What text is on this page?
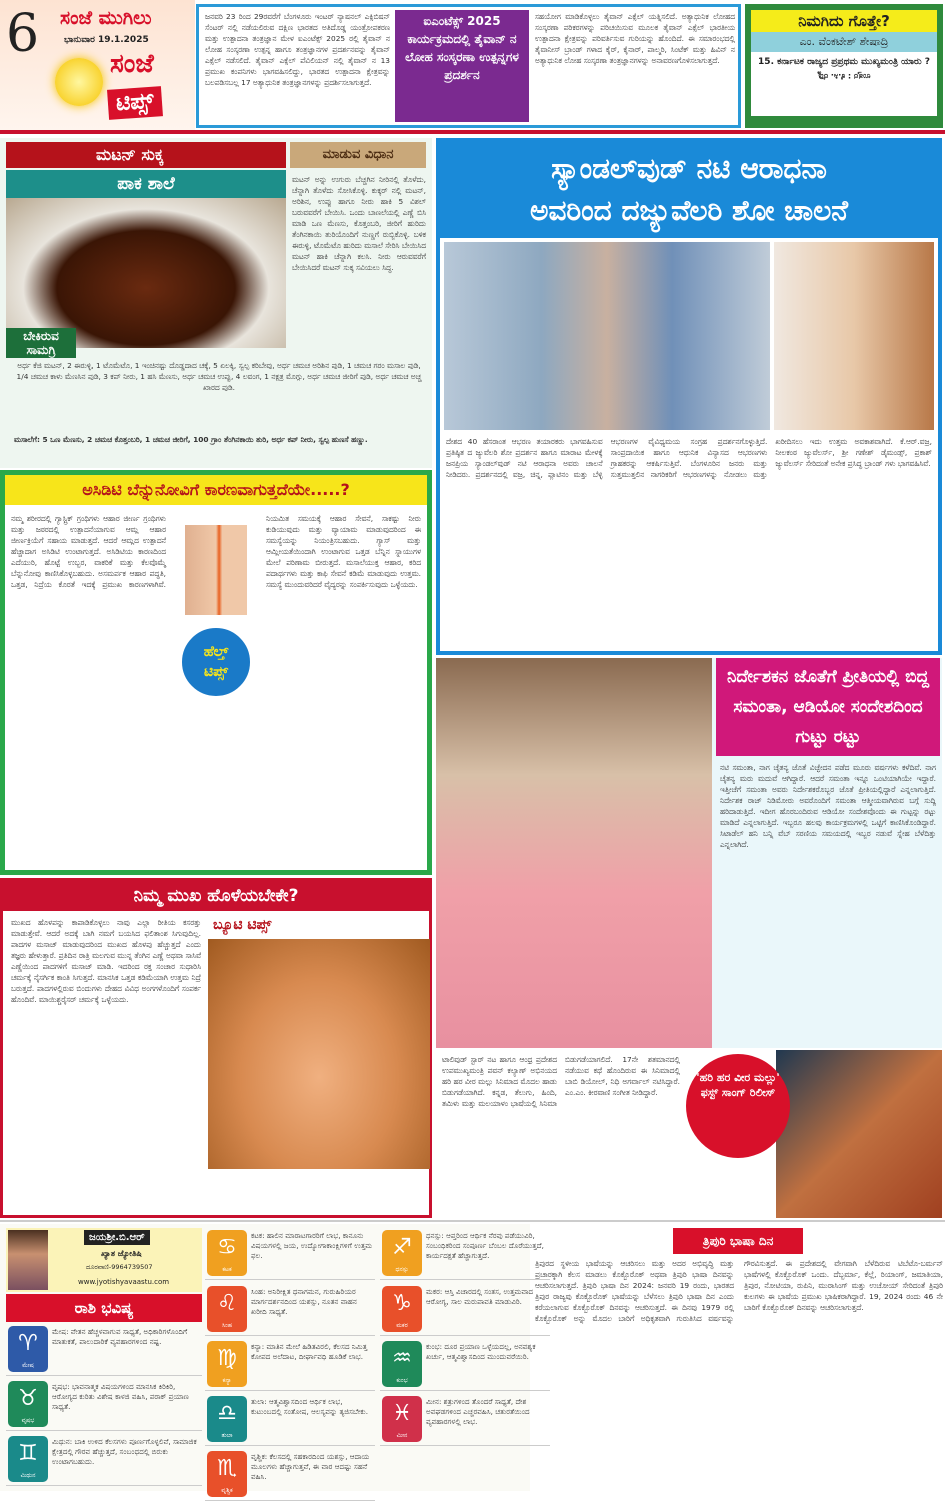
6 ಸಂಜೆ ಮುಗಿಲು
ಭಾನುವಾರ 19.1.2025
ಸಂಜೆ
ಟಿಪ್ಸ್
ಜನವರಿ 23 ರಿಂದ 29ರವರೆಗೆ ಬೆಂಗಳೂರು ಇಂಟರ್ ನ್ಯಾಷನಲ್ ಎಕ್ಸಿಬಿಷನ್ ಸೆಂಟರ್ ನಲ್ಲಿ ನಡೆಯಲಿರುವ ದಕ್ಷಿಣ ಭಾರತದ ಅತಿದೊಡ್ಡ ಯಂತ್ರೋಪಕರಣ ಮತ್ತು ಉತ್ಪಾದನಾ ತಂತ್ರಜ್ಞಾನ ಮೇಳ ಐಎಂಟೆಕ್ಸ್ 2025 ರಲ್ಲಿ ತೈವಾನ್ ನ ಲೋಹ ಸಂಸ್ಕರಣಾ ಉತ್ಪನ್ನ ಹಾಗೂ ತಂತ್ರಜ್ಞಾನಗಳ ಪ್ರದರ್ಶನವನ್ನು ತೈವಾನ್ ಎಕ್ಸೆಲ್ ನಡೆಸಲಿದೆ. ತೈವಾನ್ ಎಕ್ಸೆಲ್ ಪೆವಿಲಿಯನ್ ನಲ್ಲಿ ತೈವಾನ್ ನ 13 ಪ್ರಮುಖ ಕಂಪನಿಗಳು ಭಾಗವಹಿಸಲಿದ್ದು, ಭಾರತದ ಉತ್ಪಾದನಾ ಕ್ಷೇತ್ರವನ್ನು ಬಲಪಡಿಸಬಲ್ಲ 17 ಅತ್ಯಾಧುನಿಕ ತಂತ್ರಜ್ಞಾನಗಳನ್ನು ಪ್ರದರ್ಶಿಸಲಾಗುತ್ತದೆ.
ಐಎಂಟೆಕ್ಸ್ 2025 ಕಾರ್ಯಕ್ರಮದಲ್ಲಿ ತೈವಾನ್ ನ ಲೋಹ ಸಂಸ್ಕರಣಾ ಉತ್ಪನ್ನಗಳ ಪ್ರದರ್ಶನ
ಸಹಯೋಗ ಮಾಡಿಕೊಳ್ಳಲು ತೈವಾನ್ ಎಕ್ಸೆಲ್ ಯತ್ನಿಸಲಿದೆ. ಅತ್ಯಾಧುನಿಕ ಲೋಹದ ಸಂಸ್ಕರಣಾ ಪರಿಕರಗಳನ್ನು ಪರಿಚಯಿಸುವ ಮೂಲಕ ತೈವಾನ್ ಎಕ್ಸೆಲ್ ಭಾರತೀಯ ಉತ್ಪಾದನಾ ಕ್ಷೇತ್ರವನ್ನು ಪರಿವರ್ತಿಸುವ ಗುರಿಯನ್ನು ಹೊಂದಿದೆ. ಈ ಸಮಾರಂಭದಲ್ಲಿ ತೈವಾನೀಸ್ ಬ್ರಾಂಡ್ ಗಳಾದ ಕೈರ್, ಕೈನಾರ್, ಪಾಲ್ಮರಿ, ಸಿಂಟೆಕ್ ಮತ್ತು ಹಿವಿನ್ ನ ಅತ್ಯಾಧುನಿಕ ಲೋಹ ಸಂಸ್ಕರಣಾ ತಂತ್ರಜ್ಞಾನಗಳನ್ನು ಅನಾವರಣಗೊಳಿಸಲಾಗುತ್ತದೆ.
ನಿಮಗಿದು ಗೊತ್ತೇ?
ಎಂ. ವೆಂಕಟೇಶ್ ಶೇಷಾದ್ರಿ
15. ಕರ್ನಾಟಕ ರಾಜ್ಯದ ಪ್ರಪ್ರಥಮ ಮುಖ್ಯಮಂತ್ರಿ ಯಾರು ?
ಉತ್ತರ : ಕೆ.ಸಿ. ರೆಡ್ಡಿ
ಮಟನ್ ಸುಕ್ಕ
ಪಾಕ ಶಾಲೆ
ಬೇಕಿರುವ ಸಾಮಗ್ರಿ
ಮಾಡುವ ವಿಧಾನ
ಮಟನ್ ಅನ್ನು ಉಗುರು ಬೆಚ್ಚಗಿನ ನೀರಿನಲ್ಲಿ ತೊಳೆದು, ಚೆನ್ನಾಗಿ ತೊಳೆದು ಸೋಸಿಕೊಳ್ಳಿ. ಕುಕ್ಕರ್ ನಲ್ಲಿ ಮಟನ್, ಅರಿಶಿನ, ಉಪ್ಪು ಹಾಗೂ ನೀರು ಹಾಕಿ 5 ವಿಶಲ್ ಬರುವವರೆಗೆ ಬೇಯಿಸಿ. ಒಂದು ಬಾಣಲೆಯಲ್ಲಿ ಎಣ್ಣೆ ಬಿಸಿ ಮಾಡಿ ಒಣ ಮೆಣಸು, ಕೊತ್ತಂಬರಿ, ಜೀರಿಗೆ ಹುರಿದು ತೆಂಗಿನಕಾಯಿ ತುರಿಯೊಂದಿಗೆ ನುಣ್ಣಗೆ ರುಬ್ಬಿಕೊಳ್ಳಿ. ಬಳಿಕ ಈರುಳ್ಳಿ, ಟೊಮೆಟೊ ಹುರಿದು ಮಸಾಲೆ ಸೇರಿಸಿ ಬೇಯಿಸಿದ ಮಟನ್ ಹಾಕಿ ಚೆನ್ನಾಗಿ ಕಲಸಿ. ನೀರು ಆರುವವರೆಗೆ ಬೇಯಿಸಿದರೆ ಮಟನ್ ಸುಕ್ಕ ಸವಿಯಲು ಸಿದ್ಧ.
ಅರ್ಧ ಕೆಜಿ ಮಟನ್, 2 ಈರುಳ್ಳಿ, 1 ಟೊಮೆಟೊ, 1 ಇಂಚಿನಷ್ಟು ದೊಡ್ಡದಾದ ಚಕ್ಕೆ, 5 ಏಲಕ್ಕಿ, ಸ್ವಲ್ಪ ಕರಿಬೇವು, ಅರ್ಧ ಚಮಚ ಅರಿಶಿನ ಪುಡಿ, 1 ಚಮಚ ಗರಂ ಮಸಾಲ ಪುಡಿ, 1/4 ಚಮಚ ಕಾಳು ಮೆಣಸಿನ ಪುಡಿ, 3 ಕಪ್ ನೀರು, 1 ಹಸಿ ಮೆಣಸು, ಅರ್ಧ ಚಮಚ ಉಪ್ಪು, 4 ಲವಂಗ, 1 ನಕ್ಷತ್ರ ಮೊಗ್ಗು, ಅರ್ಧ ಚಮಚ ಜೀರಿಗೆ ಪುಡಿ, ಅರ್ಧ ಚಮಚ ಅಚ್ಚ ಖಾರದ ಪುಡಿ.
ಮಸಾಲೆಗೆ: 5 ಒಣ ಮೆಣಸು, 2 ಚಮಚ ಕೊತ್ತಂಬರಿ, 1 ಚಮಚ ಜೀರಿಗೆ, 100 ಗ್ರಾಂ ತೆಂಗಿನಕಾಯಿ ತುರಿ, ಅರ್ಧ ಕಪ್ ನೀರು, ಸ್ವಲ್ಪ ಹುಣಸೆ ಹಣ್ಣು.
ಅಸಿಡಿಟಿ ಬೆನ್ನುನೋವಿಗೆ ಕಾರಣವಾಗುತ್ತದೆಯೇ.....?
ನಮ್ಮ ಶರೀರದಲ್ಲಿ ಗ್ಯಾಸ್ಟ್ರಿಕ್ ಗ್ರಂಥಿಗಳು ಆಹಾರ ಜೀರ್ಣ ಗ್ರಂಥಿಗಳು ಮತ್ತು ಜಠರದಲ್ಲಿ ಉತ್ಪಾದನೆಯಾಗುವ ಆಮ್ಲ ಆಹಾರ ಜೀರ್ಣಕ್ರಿಯೆಗೆ ಸಹಾಯ ಮಾಡುತ್ತದೆ. ಆದರೆ ಆಮ್ಲದ ಉತ್ಪಾದನೆ ಹೆಚ್ಚಾದಾಗ ಅಸಿಡಿಟಿ ಉಂಟಾಗುತ್ತದೆ. ಅಸಿಡಿಟಿಯ ಕಾರಣದಿಂದ ಎದೆಯುರಿ, ಹೊಟ್ಟೆ ಉಬ್ಬರ, ವಾಕರಿಕೆ ಮತ್ತು ಕೆಲವೊಮ್ಮೆ ಬೆನ್ನುನೋವು ಕಾಣಿಸಿಕೊಳ್ಳಬಹುದು. ಅಸಮರ್ಪಕ ಆಹಾರ ಪದ್ಧತಿ, ಒತ್ತಡ, ನಿದ್ರೆಯ ಕೊರತೆ ಇದಕ್ಕೆ ಪ್ರಮುಖ ಕಾರಣಗಳಾಗಿವೆ. ನಿಯಮಿತ ಸಮಯಕ್ಕೆ ಆಹಾರ ಸೇವನೆ, ಸಾಕಷ್ಟು ನೀರು ಕುಡಿಯುವುದು ಮತ್ತು ವ್ಯಾಯಾಮ ಮಾಡುವುದರಿಂದ ಈ ಸಮಸ್ಯೆಯನ್ನು ನಿಯಂತ್ರಿಸಬಹುದು. ಗ್ಯಾಸ್ ಮತ್ತು ಆಮ್ಲೀಯತೆಯಿಂದಾಗಿ ಉಂಟಾಗುವ ಒತ್ತಡ ಬೆನ್ನಿನ ಸ್ನಾಯುಗಳ ಮೇಲೆ ಪರಿಣಾಮ ಬೀರುತ್ತದೆ. ಮಸಾಲೆಯುಕ್ತ ಆಹಾರ, ಕರಿದ ಪದಾರ್ಥಗಳು ಮತ್ತು ಕಾಫಿ ಸೇವನೆ ಕಡಿಮೆ ಮಾಡುವುದು ಉತ್ತಮ. ಸಮಸ್ಯೆ ಮುಂದುವರಿದರೆ ವೈದ್ಯರನ್ನು ಸಂಪರ್ಕಿಸುವುದು ಒಳ್ಳೆಯದು.
ಹೆಲ್ತ್
ಟಿಪ್ಸ್
ನಿಮ್ಮ ಮುಖ ಹೊಳೆಯಬೇಕೇ?
ಮುಖದ ಹೊಳಪನ್ನು ಕಾಪಾಡಿಕೊಳ್ಳಲು ನಾವು ಎಲ್ಲಾ ರೀತಿಯ ಕಸರತ್ತು ಮಾಡುತ್ತೇವೆ. ಆದರೆ ಅದಕ್ಕೆ ಬಾಗಿ ನಮಗೆ ಬಯಸಿದ ಫಲಿತಾಂಶ ಸಿಗುವುದಿಲ್ಲ. ಪಾದಗಳ ಮಸಾಜ್ ಮಾಡುವುದರಿಂದ ಮುಖದ ಹೊಳಪು ಹೆಚ್ಚುತ್ತದೆ ಎಂದು ತಜ್ಞರು ಹೇಳುತ್ತಾರೆ. ಪ್ರತಿದಿನ ರಾತ್ರಿ ಮಲಗುವ ಮುನ್ನ ತೆಂಗಿನ ಎಣ್ಣೆ ಅಥವಾ ಸಾಸಿವೆ ಎಣ್ಣೆಯಿಂದ ಪಾದಗಳಿಗೆ ಮಸಾಜ್ ಮಾಡಿ. ಇದರಿಂದ ರಕ್ತ ಸಂಚಾರ ಸುಧಾರಿಸಿ ಚರ್ಮಕ್ಕೆ ನೈಸರ್ಗಿಕ ಕಾಂತಿ ಸಿಗುತ್ತದೆ. ಮಾನಸಿಕ ಒತ್ತಡ ಕಡಿಮೆಯಾಗಿ ಉತ್ತಮ ನಿದ್ರೆ ಬರುತ್ತದೆ. ಪಾದಗಳಲ್ಲಿರುವ ಬಿಂದುಗಳು ದೇಹದ ವಿವಿಧ ಅಂಗಗಳೊಂದಿಗೆ ಸಂಪರ್ಕ ಹೊಂದಿವೆ. ಮಾಯಿಶ್ಚರೈಸರ್ ಚರ್ಮಕ್ಕೆ ಒಳ್ಳೆಯದು.
ಬ್ಯೂಟಿ ಟಿಪ್ಸ್
ಸ್ಯಾಂಡಲ್‌ವುಡ್ ನಟಿ ಆರಾಧನಾ
ಅವರಿಂದ ದಜ್ಯುವೆಲರಿ ಶೋ ಚಾಲನೆ
ದೇಶದ 40 ಹೆಸರಾಂತ ಆಭರಣ ತಯಾರಕರು ಭಾಗವಹಿಸುವ ಪ್ರತಿಷ್ಠಿತ ದ ಜ್ಯುವೆಲರಿ ಶೋ ಪ್ರದರ್ಶನ ಹಾಗೂ ಮಾರಾಟ ಮೇಳಕ್ಕೆ ಜನಪ್ರಿಯ ಸ್ಯಾಂಡಲ್‌ವುಡ್ ನಟಿ ಆರಾಧನಾ ಅವರು ಚಾಲನೆ ನೀಡಿದರು. ಪ್ರದರ್ಶನದಲ್ಲಿ ವಜ್ರ, ಚಿನ್ನ, ಪ್ಲಾಟಿನಂ ಮತ್ತು ಬೆಳ್ಳಿ ಆಭರಣಗಳ ವೈವಿಧ್ಯಮಯ ಸಂಗ್ರಹ ಪ್ರದರ್ಶನಗೊಳ್ಳುತ್ತಿದೆ. ಸಾಂಪ್ರದಾಯಿಕ ಹಾಗೂ ಆಧುನಿಕ ವಿನ್ಯಾಸದ ಆಭರಣಗಳು ಗ್ರಾಹಕರನ್ನು ಆಕರ್ಷಿಸುತ್ತಿವೆ. ಬೆಂಗಳೂರಿನ ಜನರು ಮತ್ತು ಸುತ್ತಮುತ್ತಲಿನ ನಾಗರಿಕರಿಗೆ ಆಭರಣಗಳನ್ನು ನೋಡಲು ಮತ್ತು ಖರೀದಿಸಲು ಇದು ಉತ್ತಮ ಅವಕಾಶವಾಗಿದೆ. ಕೆ.ಆರ್.ವಜ್ರ, ನೀಲಕಂಠ ಜ್ಯುವೆಲರ್ಸ್, ಶ್ರೀ ಗಣೇಶ್ ಡೈಮಂಡ್ಸ್, ಪ್ರಕಾಶ್ ಜ್ಯುವೆಲರ್ಸ್ ಸೇರಿದಂತೆ ಅನೇಕ ಪ್ರಸಿದ್ಧ ಬ್ರಾಂಡ್ ಗಳು ಭಾಗವಹಿಸಿವೆ.
ನಿರ್ದೇಶಕನ ಜೊತೆಗೆ ಪ್ರೀತಿಯಲ್ಲಿ ಬಿದ್ದ ಸಮಂತಾ, ಆಡಿಯೋ ಸಂದೇಶದಿಂದ ಗುಟ್ಟು ರಟ್ಟು
ನಟಿ ಸಮಂತಾ, ನಾಗ ಚೈತನ್ಯ ಜೊತೆ ವಿಚ್ಛೇದನ ಪಡೆದ ಮೂರು ವರ್ಷಗಳು ಕಳೆದಿವೆ. ನಾಗ ಚೈತನ್ಯ ಮರು ಮದುವೆ ಆಗಿದ್ದಾರೆ. ಆದರೆ ಸಮಂತಾ ಇನ್ನೂ ಒಂಟಿಯಾಗಿಯೇ ಇದ್ದಾರೆ. ಇತ್ತೀಚೆಗೆ ಸಮಂತಾ ಅವರು ನಿರ್ದೇಶಕರೊಬ್ಬರ ಜೊತೆ ಪ್ರೀತಿಯಲ್ಲಿದ್ದಾರೆ ಎನ್ನಲಾಗುತ್ತಿದೆ. ನಿರ್ದೇಶಕ ರಾಜ್ ನಿಡಿಮೋರು ಅವರೊಂದಿಗೆ ಸಮಂತಾ ಆತ್ಮೀಯವಾಗಿರುವ ಬಗ್ಗೆ ಸುದ್ದಿ ಹರಿದಾಡುತ್ತಿದೆ. ಇದೀಗ ಹೊರಬಂದಿರುವ ಆಡಿಯೋ ಸಂದೇಶವೊಂದು ಈ ಗುಟ್ಟನ್ನು ರಟ್ಟು ಮಾಡಿದೆ ಎನ್ನಲಾಗುತ್ತಿದೆ. ಇಬ್ಬರೂ ಹಲವು ಕಾರ್ಯಕ್ರಮಗಳಲ್ಲಿ ಒಟ್ಟಿಗೆ ಕಾಣಿಸಿಕೊಂಡಿದ್ದಾರೆ. ಸಿಟಾಡೆಲ್ ಹನಿ ಬನ್ನಿ ವೆಬ್ ಸರಣಿಯ ಸಮಯದಲ್ಲಿ ಇಬ್ಬರ ನಡುವೆ ಸ್ನೇಹ ಬೆಳೆದಿತ್ತು ಎನ್ನಲಾಗಿದೆ.
ಟಾಲಿವುಡ್ ಸ್ಟಾರ್ ನಟ ಹಾಗೂ ಆಂಧ್ರ ಪ್ರದೇಶದ ಉಪಮುಖ್ಯಮಂತ್ರಿ ಪವನ್ ಕಲ್ಯಾಣ್ ಅಭಿನಯದ ಹರಿ ಹರ ವೀರ ಮಲ್ಲು ಸಿನಿಮಾದ ಮೊದಲ ಹಾಡು ಬಿಡುಗಡೆಯಾಗಿದೆ. ಕನ್ನಡ, ತೆಲುಗು, ಹಿಂದಿ, ತಮಿಳು ಮತ್ತು ಮಲಯಾಳಂ ಭಾಷೆಯಲ್ಲಿ ಸಿನಿಮಾ ಬಿಡುಗಡೆಯಾಗಲಿದೆ. 17ನೇ ಶತಮಾನದಲ್ಲಿ ನಡೆಯುವ ಕಥೆ ಹೊಂದಿರುವ ಈ ಸಿನಿಮಾದಲ್ಲಿ ಬಾಬಿ ಡಿಯೋಲ್, ನಿಧಿ ಅಗರ್ವಾಲ್ ನಟಿಸಿದ್ದಾರೆ. ಎಂ.ಎಂ. ಕೀರವಾಣಿ ಸಂಗೀತ ನೀಡಿದ್ದಾರೆ.
'ಹರಿ ಹರ ವೀರ ಮಲ್ಲು' ಫಸ್ಟ್ ಸಾಂಗ್ ರಿಲೀಸ್
ಜಯಶ್ರೀ.ಬಿ.ಆರ್
ಖ್ಯಾತ ಜ್ಯೋತಿಷಿ
ದೂರವಾಣಿ-9964739507
www.jyotishyavaastu.com
ರಾಶಿ ಭವಿಷ್ಯ
♈
ಮೇಷ
ಮೇಷ: ವೇತನ ಹೆಚ್ಚಳವಾಗುವ ಸಾಧ್ಯತೆ, ಅಧಿಕಾರಿಗಳೊಂದಿಗೆ ಮಾತುಕತೆ, ಪಾಲುದಾರಿಕೆ ವ್ಯವಹಾರಗಳಿಂದ ನಷ್ಟ.
♉
ವೃಷಭ
ವೃಷಭ: ಭಾವನಾತ್ಮಕ ವಿಷಯಗಳಿಂದ ಮಾನಸಿಕ ಕಿರಿಕಿರಿ, ಆರೋಗ್ಯದ ಕುರಿತು ವಿಶೇಷ ಕಾಳಜಿ ವಹಿಸಿ, ಪರಾಕ್ ಪ್ರಯಾಣ ಸಾಧ್ಯತೆ.
♊
ಮಿಥುನ
ಮಿಥುನ: ಬಾಕಿ ಉಳಿದ ಕೆಲಸಗಳು ಪೂರ್ಣಗೊಳ್ಳಲಿವೆ, ಸಾಮಾಜಿಕ ಕ್ಷೇತ್ರದಲ್ಲಿ ಗೌರವ ಹೆಚ್ಚುತ್ತದೆ, ಸಂಬಂಧದಲ್ಲಿ ಬಿರುಕು ಉಂಟಾಗಬಹುದು.
♋
ಕಟಕ
ಕಟಕ: ಹಾಲಿನ ಮಾರಾಟಗಾರರಿಗೆ ಲಾಭ, ಕಾನೂನು ವಿಷಯಗಳಲ್ಲಿ ಜಯ, ಉದ್ಯೋಗಾಕಾಂಕ್ಷಿಗಳಿಗೆ ಉತ್ತಮ ಫಲ.
♌
ಸಿಂಹ
ಸಿಂಹ: ಅನಿರೀಕ್ಷಿತ ಧನಾಗಮನ, ಗುರುಹಿರಿಯರ ಮಾರ್ಗದರ್ಶನದಿಂದ ಯಶಸ್ಸು, ನೂತನ ವಾಹನ ಖರೀದಿ ಸಾಧ್ಯತೆ.
♍
ಕನ್ಯಾ
ಕನ್ಯಾ: ಮಾತಿನ ಮೇಲೆ ಹಿಡಿತವಿರಲಿ, ಕೆಲಸದ ನಿಮಿತ್ತ ಕೋಪದ ಅಲೆದಾಟ, ದೀರ್ಘಾವಧಿ ಹೂಡಿಕೆ ಲಾಭ.
♎
ತುಲಾ
ತುಲಾ: ಆತ್ಮವಿಶ್ವಾಸದಿಂದ ಆರ್ಥಿಕ ಲಾಭ, ಕುಟುಂಬದಲ್ಲಿ ಸಂತೋಷ, ಆಲಸ್ಯವನ್ನು ತ್ಯಜಿಸಬೇಕು.
♏
ವೃಶ್ಚಿಕ
ವೃಶ್ಚಿಕ: ಕೆಲಸದಲ್ಲಿ ಸಹಕಾರದಿಂದ ಯಶಸ್ಸು, ಆದಾಯ ಮೂಲಗಳು ಹೆಚ್ಚಾಗುತ್ತವೆ, ಈ ವಾರ ಆದಷ್ಟು ಸಹನೆ ವಹಿಸಿ.
♐
ಧನಸ್ಸು
ಧನಸ್ಸು: ಆಪ್ತರಿಂದ ಆರ್ಥಿಕ ನೆರವು ಪಡೆಯುವಿರಿ, ಸಂಬಂಧಿಕರಿಂದ ಸಂಪೂರ್ಣ ಬೆಂಬಲ ದೊರೆಯುತ್ತದೆ, ಕಾರ್ಯದಕ್ಷತೆ ಹೆಚ್ಚಾಗುತ್ತದೆ.
♑
ಮಕರ
ಮಕರ: ಆಸ್ತಿ ವಿಚಾರದಲ್ಲಿ ಸಂತಸ, ಉತ್ತಮವಾದ ಆರೋಗ್ಯ, ಸಾಲ ಮರುಪಾವತಿ ಮಾಡುವಿರಿ.
♒
ಕುಂಭ
ಕುಂಭ: ದೂರ ಪ್ರಯಾಣ ಒಳ್ಳೆಯದಲ್ಲ, ಅನವಶ್ಯಕ ಖರ್ಚು, ಆತ್ಮವಿಶ್ವಾಸದಿಂದ ಮುಂದುವರೆಯಿರಿ.
♓
ಮೀನ
ಮೀನ: ಶತ್ರುಗಳಿಂದ ತೊಂದರೆ ಸಾಧ್ಯತೆ, ದೇಶ ಅವಘಡಗಳಿಂದ ಎಚ್ಚರವಹಿಸಿ, ಚತುರತೆಯಿಂದ ವ್ಯವಹಾರಗಳಲ್ಲಿ ಲಾಭ.
ತ್ರಿಪುರಿ ಭಾಷಾ ದಿನ
ತ್ರಿಪುರದ ಸ್ಥಳೀಯ ಭಾಷೆಯನ್ನು ಆಚರಿಸಲು ಮತ್ತು ಅದರ ಅಭಿವೃದ್ಧಿ ಮತ್ತು ಪ್ರಚಾರಕ್ಕಾಗಿ ಕೆಲಸ ಮಾಡಲು ಕೊಕ್ಬೊರೊಕ್ ಅಥವಾ ತ್ರಿಪುರಿ ಭಾಷಾ ದಿನವನ್ನು ಆಚರಿಸಲಾಗುತ್ತದೆ. ತ್ರಿಪುರಿ ಭಾಷಾ ದಿನ 2024: ಜನವರಿ 19 ರಂದು, ಭಾರತದ ತ್ರಿಪುರ ರಾಜ್ಯವು ಕೊಕ್ಬೊರೊಕ್ ಭಾಷೆಯನ್ನು ಬೆಳೆಸಲು ತ್ರಿಪುರಿ ಭಾಷಾ ದಿನ ಎಂದು ಕರೆಯಲಾಗುವ ಕೊಕ್ಬೊರೊಕ್ ದಿನವನ್ನು ಆಚರಿಸುತ್ತದೆ. ಈ ದಿನವು 1979 ರಲ್ಲಿ ಕೊಕ್ಬೊರೊಕ್ ಅನ್ನು ಮೊದಲ ಬಾರಿಗೆ ಅಧಿಕೃತವಾಗಿ ಗುರುತಿಸಿದ ವರ್ಷವನ್ನು ಗೌರವಿಸುತ್ತದೆ. ಈ ಪ್ರದೇಶದಲ್ಲಿ ವೇಗವಾಗಿ ಬೆಳೆದಿರುವ ಟಿಬೆಟೊ-ಬರ್ಮನ್ ಭಾಷೆಗಳಲ್ಲಿ ಕೊಕ್ಬೊರೊಕ್ ಒಂದು. ದೆಬ್ಬರ್ಮಾ, ಕೆಲ್ಲೆ, ರಿಯಾಂಗ್, ಜಮಾತಿಯಾ, ತ್ರಿಪುರ, ನೋಟಿಯಾ, ರುಪಿನಿ, ಮುರಾಸಿಂಗ್ ಮತ್ತು ಉಚೋಯ್ ಸೇರಿದಂತೆ ತ್ರಿಪುರಿ ಕುಲಗಳು ಈ ಭಾಷೆಯ ಪ್ರಮುಖ ಭಾಷಿಕರಾಗಿದ್ದಾರೆ. 19, 2024 ರಂದು 46 ನೇ ಬಾರಿಗೆ ಕೊಕ್ಬೊರೊಕ್ ದಿನವನ್ನು ಆಚರಿಸಲಾಗುತ್ತದೆ.
